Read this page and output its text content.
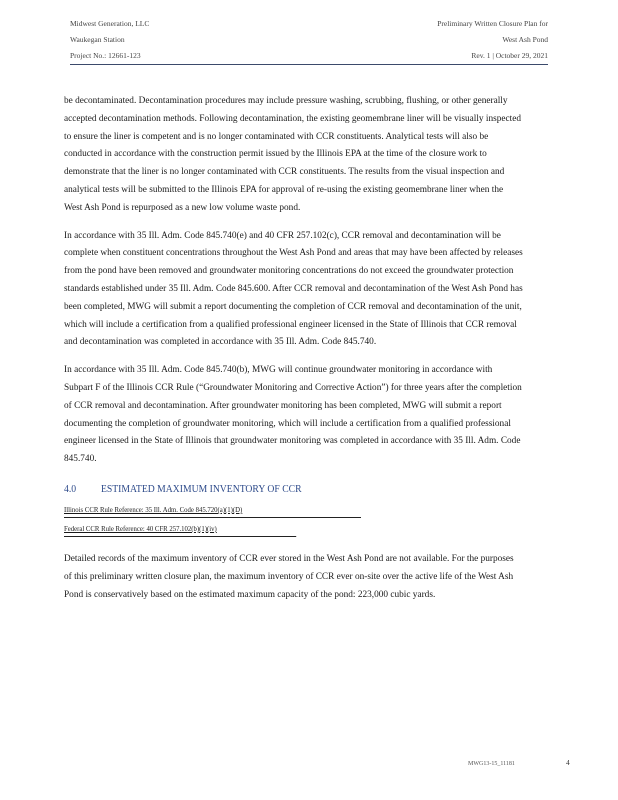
Midwest Generation, LLC
Waukegan Station
Project No.: 12661-123
Preliminary Written Closure Plan for
West Ash Pond
Rev. 1 | October 29, 2021

be decontaminated. Decontamination procedures may include pressure washing, scrubbing, flushing, or other generally accepted decontamination methods. Following decontamination, the existing geomembrane liner will be visually inspected to ensure the liner is competent and is no longer contaminated with CCR constituents. Analytical tests will also be conducted in accordance with the construction permit issued by the Illinois EPA at the time of the closure work to demonstrate that the liner is no longer contaminated with CCR constituents. The results from the visual inspection and analytical tests will be submitted to the Illinois EPA for approval of re-using the existing geomembrane liner when the West Ash Pond is repurposed as a new low volume waste pond.

In accordance with 35 Ill. Adm. Code 845.740(e) and 40 CFR 257.102(c), CCR removal and decontamination will be complete when constituent concentrations throughout the West Ash Pond and areas that may have been affected by releases from the pond have been removed and groundwater monitoring concentrations do not exceed the groundwater protection standards established under 35 Ill. Adm. Code 845.600. After CCR removal and decontamination of the West Ash Pond has been completed, MWG will submit a report documenting the completion of CCR removal and decontamination of the unit, which will include a certification from a qualified professional engineer licensed in the State of Illinois that CCR removal and decontamination was completed in accordance with 35 Ill. Adm. Code 845.740.

In accordance with 35 Ill. Adm. Code 845.740(b), MWG will continue groundwater monitoring in accordance with Subpart F of the Illinois CCR Rule (“Groundwater Monitoring and Corrective Action”) for three years after the completion of CCR removal and decontamination. After groundwater monitoring has been completed, MWG will submit a report documenting the completion of groundwater monitoring, which will include a certification from a qualified professional engineer licensed in the State of Illinois that groundwater monitoring was completed in accordance with 35 Ill. Adm. Code 845.740.

4.0	ESTIMATED MAXIMUM INVENTORY OF CCR
Illinois CCR Rule Reference: 35 Ill. Adm. Code 845.720(a)(1)(D)
Federal CCR Rule Reference: 40 CFR 257.102(b)(1)(iv)

Detailed records of the maximum inventory of CCR ever stored in the West Ash Pond are not available. For the purposes of this preliminary written closure plan, the maximum inventory of CCR ever on-site over the active life of the West Ash Pond is conservatively based on the estimated maximum capacity of the pond: 223,000 cubic yards.

MWG13-15_11181	4
